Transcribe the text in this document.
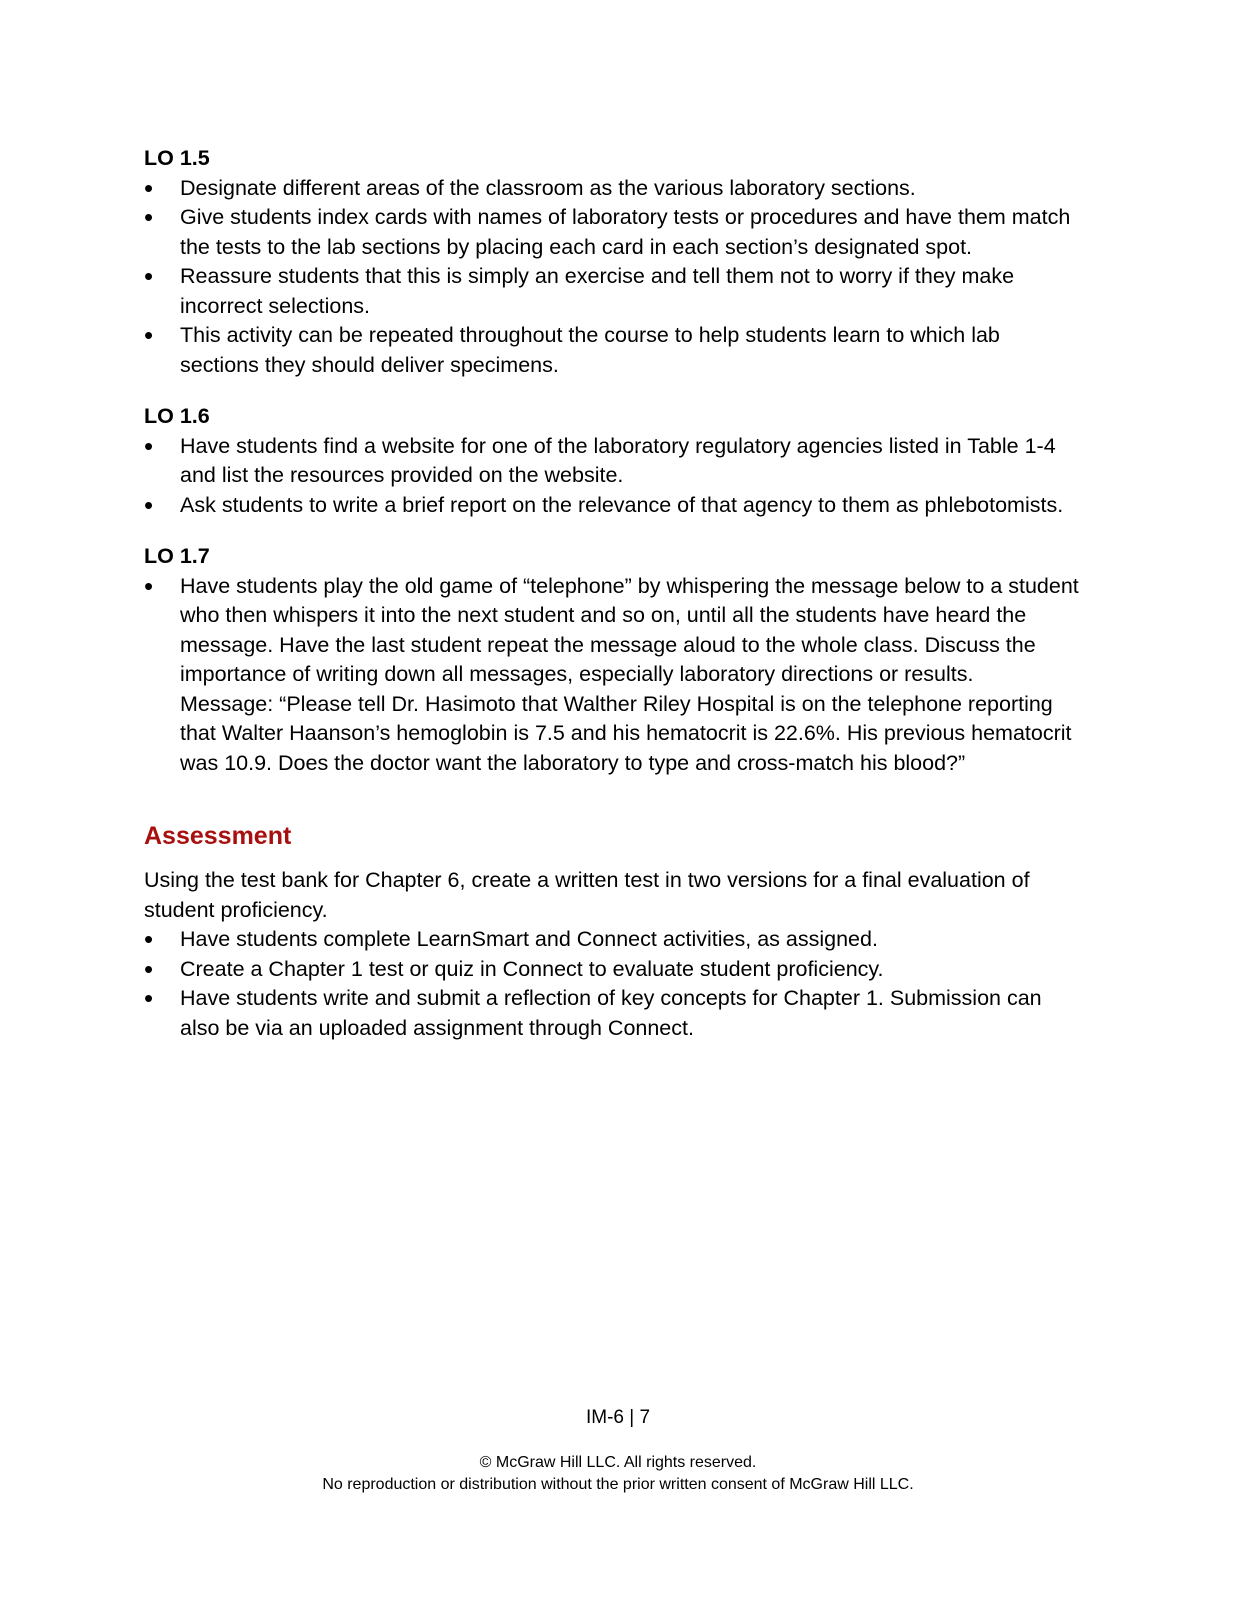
LO 1.5

• Designate different areas of the classroom as the various laboratory sections.
• Give students index cards with names of laboratory tests or procedures and have them match the tests to the lab sections by placing each card in each section’s designated spot.
• Reassure students that this is simply an exercise and tell them not to worry if they make incorrect selections.
• This activity can be repeated throughout the course to help students learn to which lab sections they should deliver specimens.

LO 1.6

• Have students find a website for one of the laboratory regulatory agencies listed in Table 1-4 and list the resources provided on the website.
• Ask students to write a brief report on the relevance of that agency to them as phlebotomists.

LO 1.7

• Have students play the old game of “telephone” by whispering the message below to a student who then whispers it into the next student and so on, until all the students have heard the message. Have the last student repeat the message aloud to the whole class. Discuss the importance of writing down all messages, especially laboratory directions or results.
Message: “Please tell Dr. Hasimoto that Walther Riley Hospital is on the telephone reporting that Walter Haanson’s hemoglobin is 7.5 and his hematocrit is 22.6%. His previous hematocrit was 10.9. Does the doctor want the laboratory to type and cross-match his blood?”

Assessment

Using the test bank for Chapter 6, create a written test in two versions for a final evaluation of student proficiency.

• Have students complete LearnSmart and Connect activities, as assigned.
• Create a Chapter 1 test or quiz in Connect to evaluate student proficiency.
• Have students write and submit a reflection of key concepts for Chapter 1. Submission can also be via an uploaded assignment through Connect.
IM-6 | 7
© McGraw Hill LLC. All rights reserved.
No reproduction or distribution without the prior written consent of McGraw Hill LLC.
